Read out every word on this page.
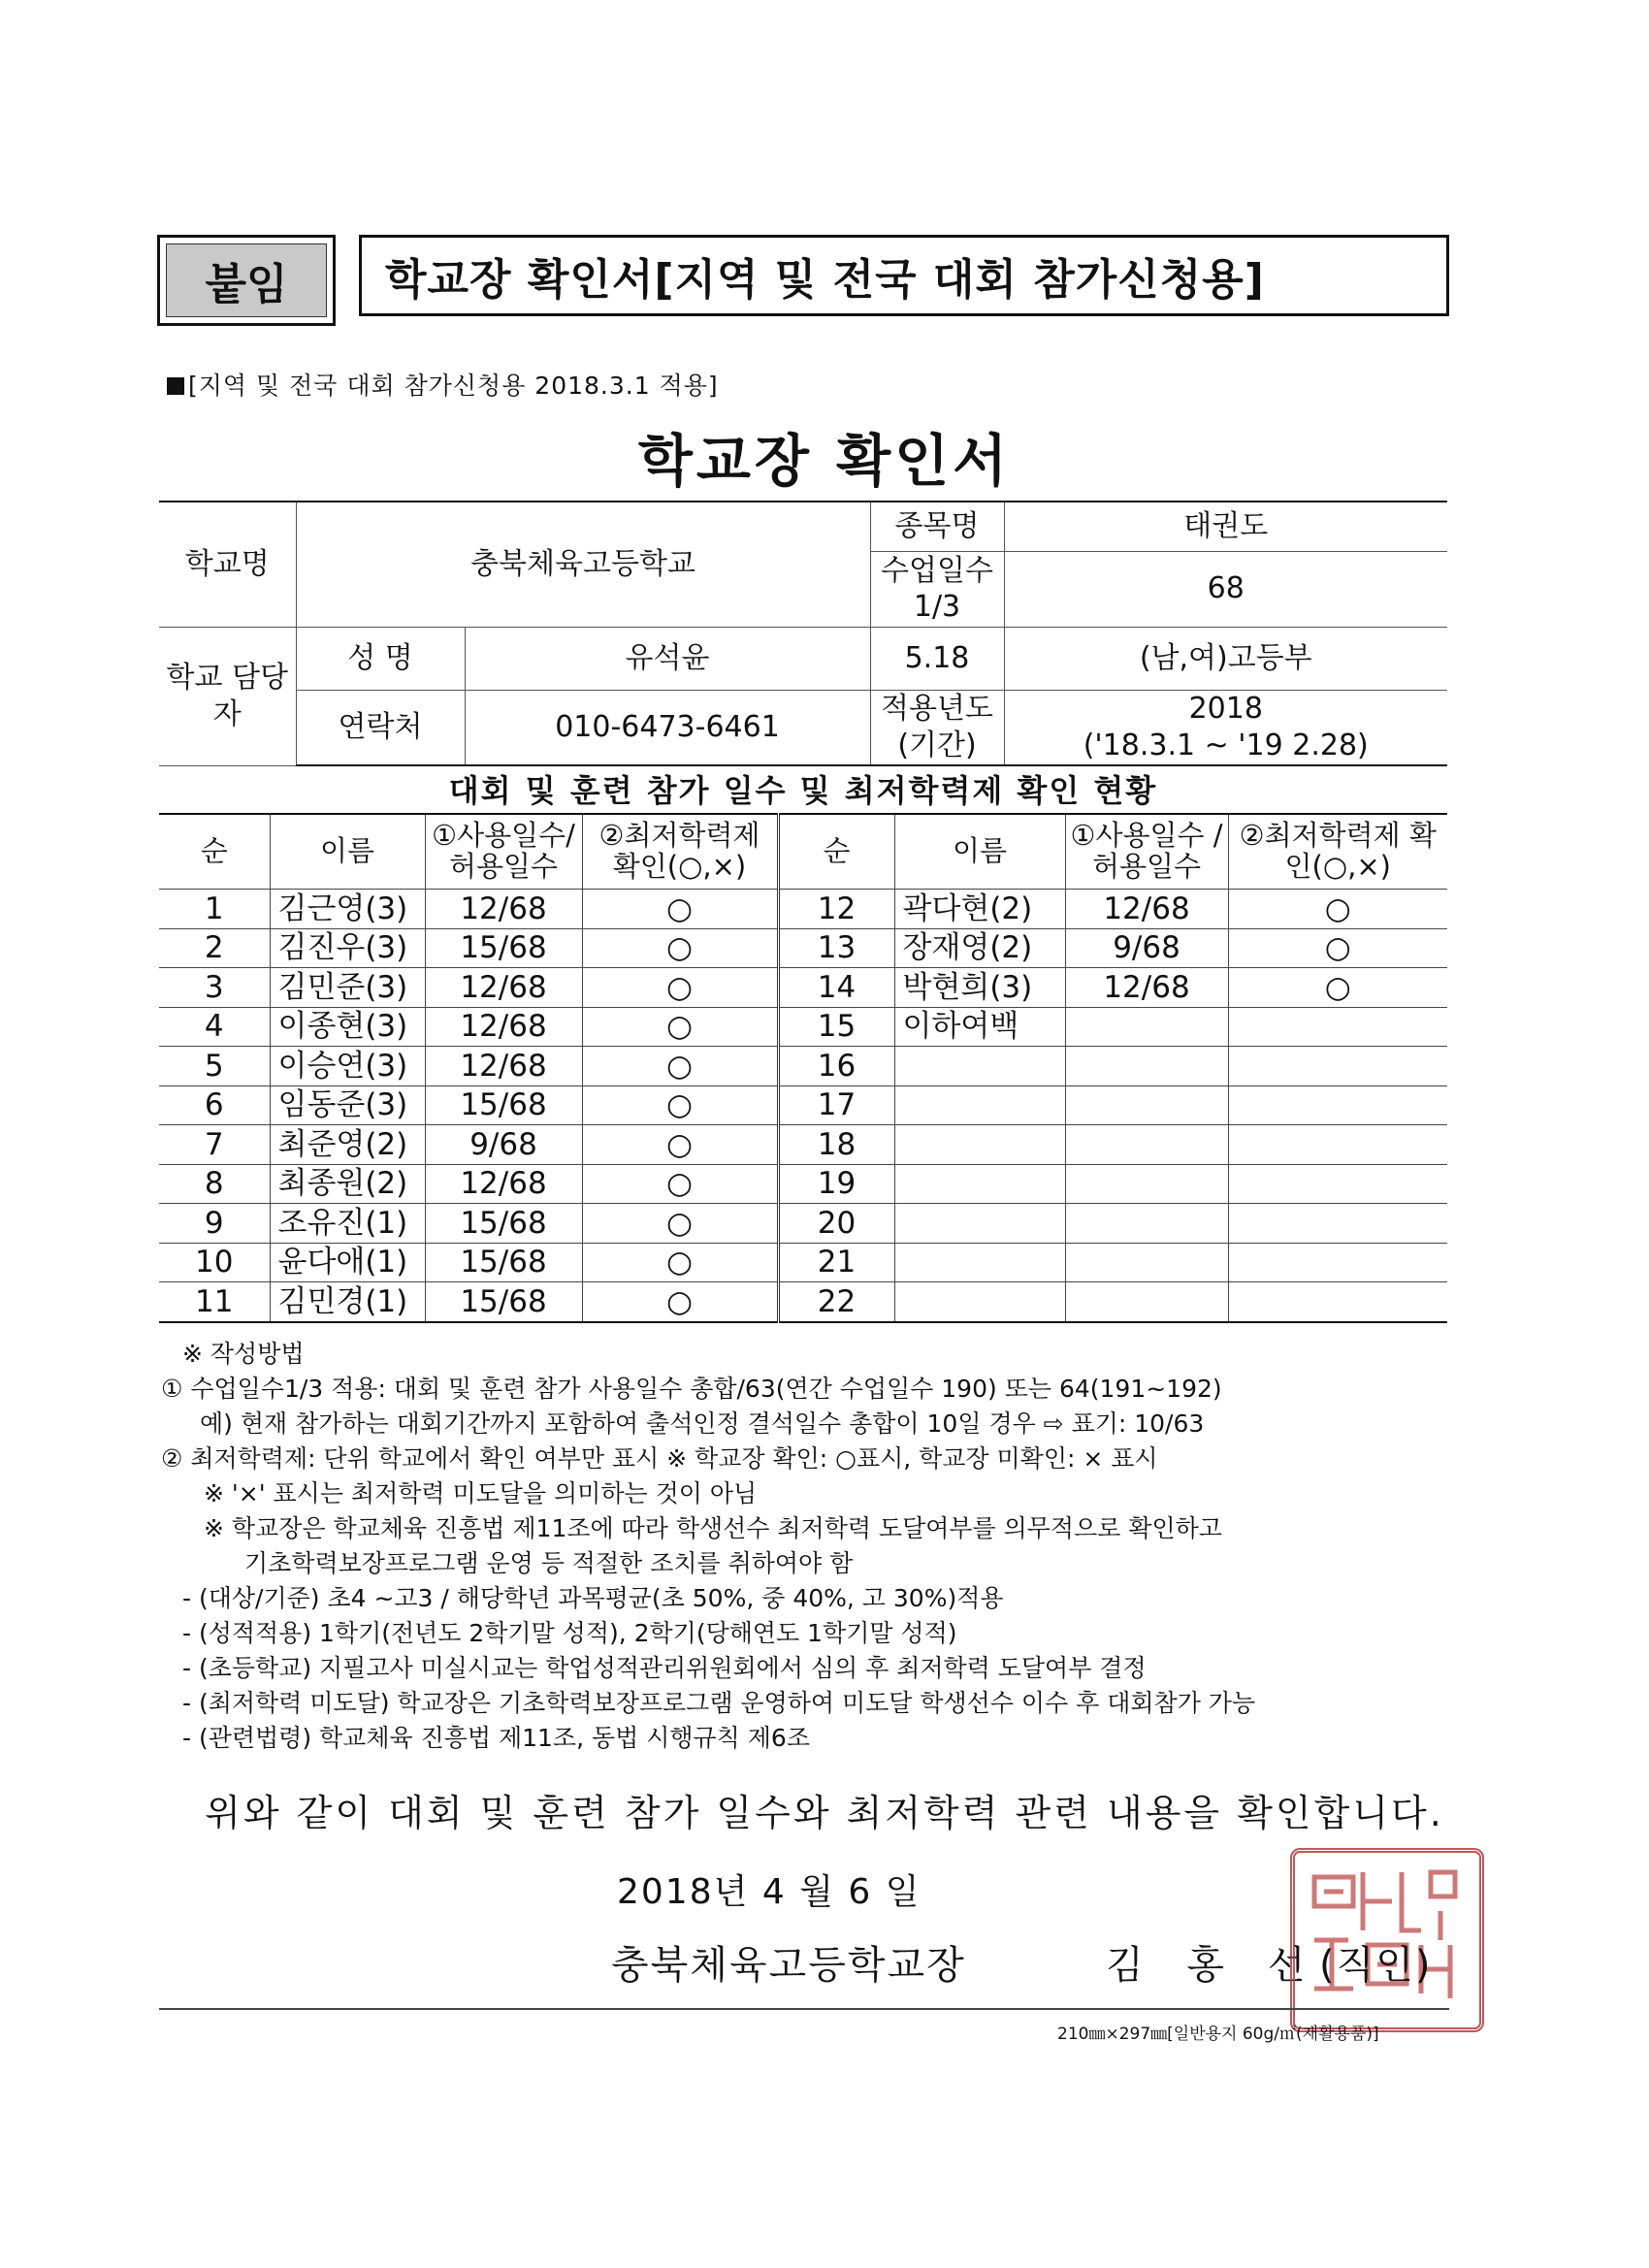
붙임	학교장 확인서[지역 및 전국 대회 참가신청용]
[지역 및 전국 대회 참가신청용 2018.3.1 적용]
학교장 확인서
학교명	충북체육고등학교		종목명	태권도
			수업일수 1/3	68
학교 담당자	성 명	유석윤	5.18	(남,여)고등부
	연락처	010-6473-6461	적용년도 (기간)	2018
('18.3.1 ~ '19 2.28)
대회 및 훈련 참가 일수 및 최저학력제 확인 현황
순	이름	①사용일수/ 허용일수	②최저학력제 확인(○,×)	순	이름	①사용일수 /허용일수	②최저학력제 확인(○,×)
1	김근영(3)	12/68	○	12	곽다현(2)	12/68	○
2	김진우(3)	15/68	○	13	장재영(2)	9/68	○
3	김민준(3)	12/68	○	14	박현희(3)	12/68	○
4	이종현(3)	12/68	○	15	이하여백		
5	이승연(3)	12/68	○	16			
6	임동준(3)	15/68	○	17			
7	최준영(2)	9/68	○	18			
8	최종원(2)	12/68	○	19			
9	조유진(1)	15/68	○	20			
10	윤다애(1)	15/68	○	21			
11	김민경(1)	15/68	○	22			
※ 작성방법
① 수업일수1/3 적용: 대회 및 훈련 참가 사용일수 총합/63(연간 수업일수 190) 또는 64(191~192)
예) 현재 참가하는 대회기간까지 포함하여 출석인정 결석일수 총합이 10일 경우 ⇨ 표기: 10/63
② 최저학력제: 단위 학교에서 확인 여부만 표시 ※ 학교장 확인: ○표시, 학교장 미확인: × 표시
※ '×' 표시는 최저학력 미도달을 의미하는 것이 아님
※ 학교장은 학교체육 진흥법 제11조에 따라 학생선수 최저학력 도달여부를 의무적으로 확인하고
기초학력보장프로그램 운영 등 적절한 조치를 취하여야 함
- (대상/기준) 초4 ~고3 / 해당학년 과목평균(초 50%, 중 40%, 고 30%)적용
- (성적적용) 1학기(전년도 2학기말 성적), 2학기(당해연도 1학기말 성적)
- (초등학교) 지필고사 미실시교는 학업성적관리위원회에서 심의 후 최저학력 도달여부 결정
- (최저학력 미도달) 학교장은 기초학력보장프로그램 운영하여 미도달 학생선수 이수 후 대회참가 가능
- (관련법령) 학교체육 진흥법 제11조, 동법 시행규칙 제6조
위와 같이 대회 및 훈련 참가 일수와 최저학력 관련 내용을 확인합니다.
2018년 4 월 6 일
충북체육고등학교장	김 홍 선
(직인)
210㎜×297㎜[일반용지 60g/㎡(재활용품)]
